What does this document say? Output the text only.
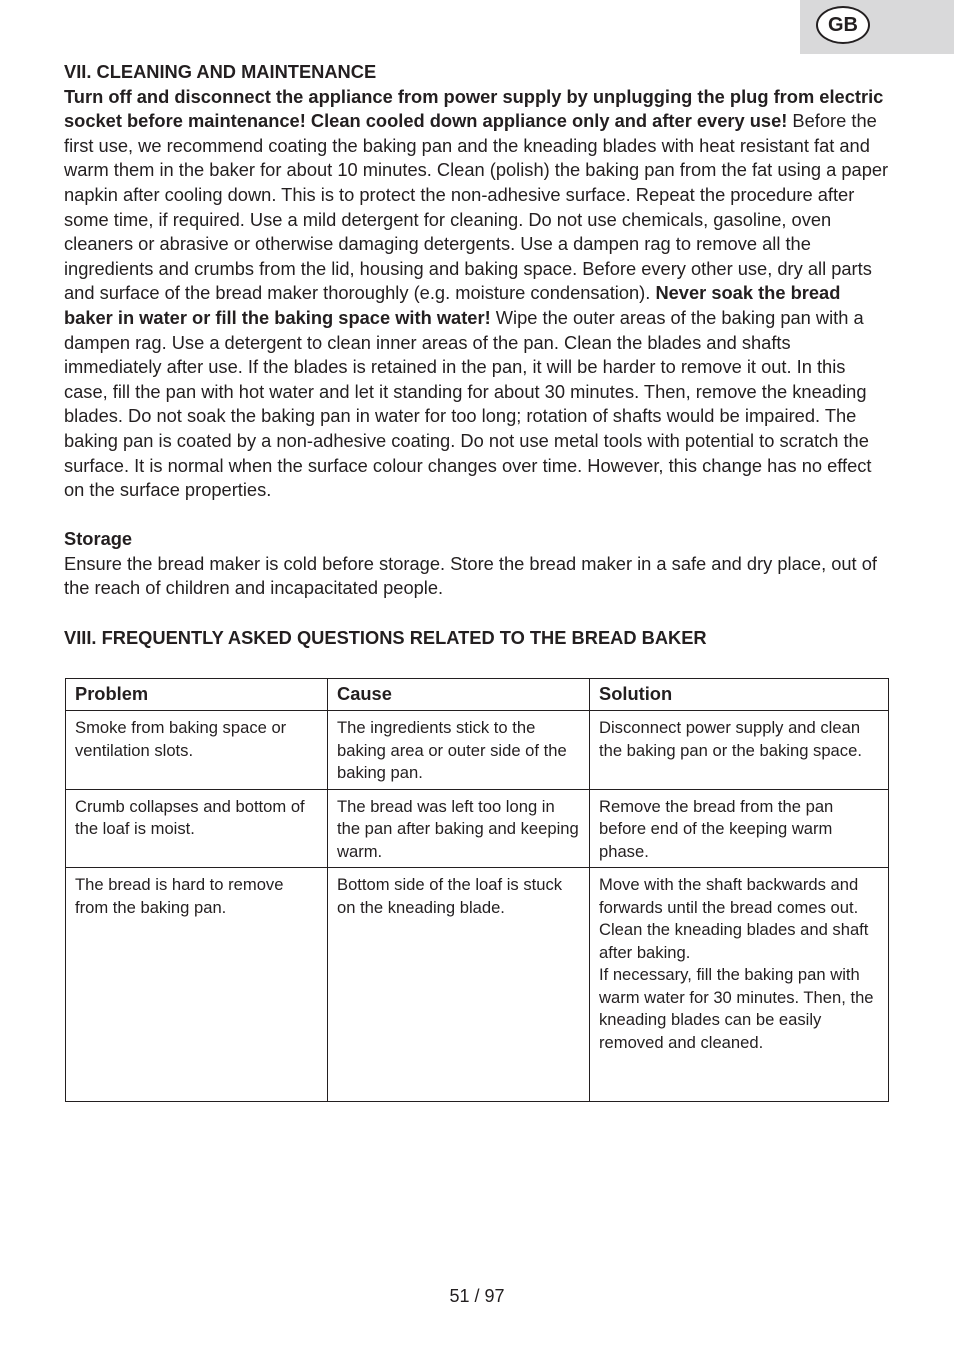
GB

VII. CLEANING AND MAINTENANCE

Turn off and disconnect the appliance from power supply by unplugging the plug from electric socket before maintenance! Clean cooled down appliance only and after every use! Before the first use, we recommend coating the baking pan and the kneading blades with heat resistant fat and warm them in the baker for about 10 minutes. Clean (polish) the baking pan from the fat using a paper napkin after cooling down. This is to protect the non-adhesive surface. Repeat the procedure after some time, if required. Use a mild detergent for cleaning. Do not use chemicals, gasoline, oven cleaners or abrasive or otherwise damaging detergents. Use a dampen rag to remove all the ingredients and crumbs from the lid, housing and baking space. Before every other use, dry all parts and surface of the bread maker thoroughly (e.g. moisture condensation). Never soak the bread baker in water or fill the baking space with water! Wipe the outer areas of the baking pan with a dampen rag. Use a detergent to clean inner areas of the pan. Clean the blades and shafts immediately after use. If the blades is retained in the pan, it will be harder to remove it out. In this case, fill the pan with hot water and let it standing for about 30 minutes. Then, remove the kneading blades. Do not soak the baking pan in water for too long; rotation of shafts would be impaired. The baking pan is coated by a non-adhesive coating. Do not use metal tools with potential to scratch the surface. It is normal when the surface colour changes over time. However, this change has no effect on the surface properties.

Storage

Ensure the bread maker is cold before storage. Store the bread maker in a safe and dry place, out of the reach of children and incapacitated people.

VIII. FREQUENTLY ASKED QUESTIONS RELATED TO THE BREAD BAKER

Problem	Cause	Solution
Smoke from baking space or ventilation slots.	The ingredients stick to the baking area or outer side of the baking pan.	Disconnect power supply and clean the baking pan or the baking space.
Crumb collapses and bottom of the loaf is moist.	The bread was left too long in the pan after baking and keeping warm.	Remove the bread from the pan before end of the keeping warm phase.
The bread is hard to remove from the baking pan.	Bottom side of the loaf is stuck on the kneading blade.	Move with the shaft backwards and forwards until the bread comes out. Clean the kneading blades and shaft after baking.
If necessary, fill the baking pan with warm water for 30 minutes. Then, the kneading blades can be easily removed and cleaned.
51 / 97
